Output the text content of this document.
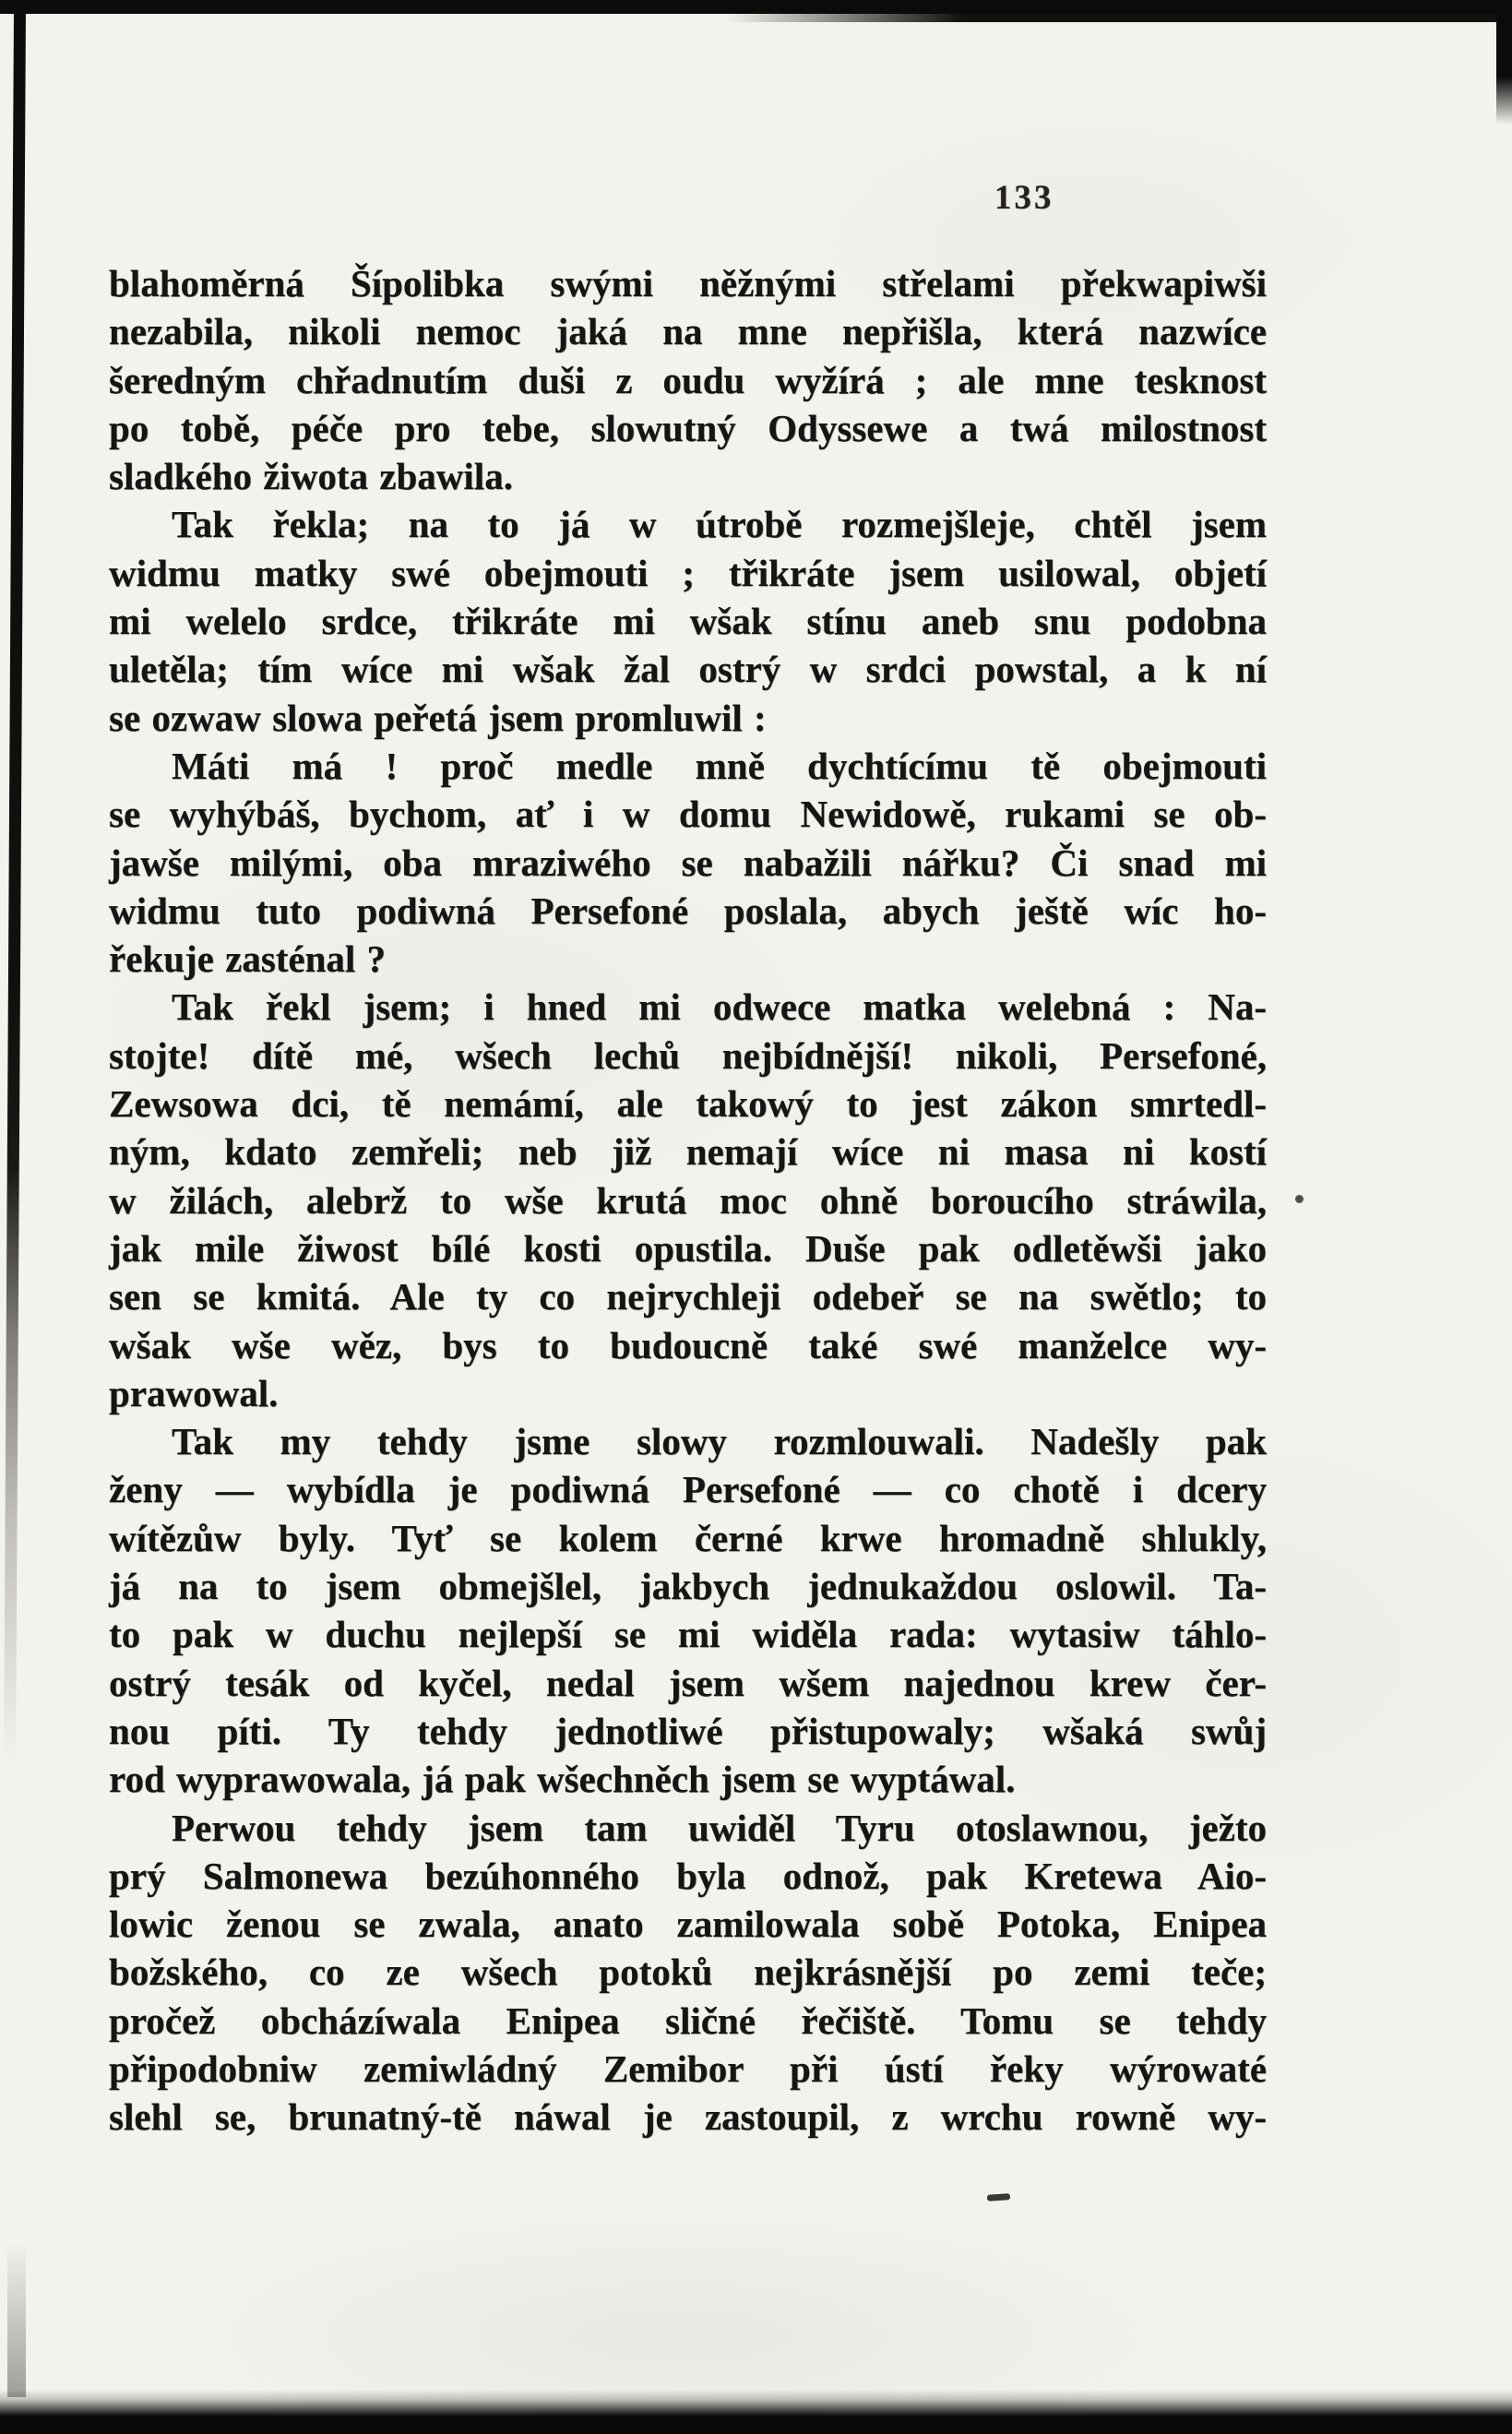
133
blahoměrná Šípolibka swými něžnými střelami překwapiwši
nezabila, nikoli nemoc jaká na mne nepřišla, která nazwíce
šeredným chřadnutím duši z oudu wyžírá ; ale mne tesknost
po tobě, péče pro tebe, slowutný Odyssewe a twá milostnost
sladkého žiwota zbawila.
Tak řekla; na to já w útrobě rozmejšleje, chtěl jsem
widmu matky swé obejmouti ; třikráte jsem usilowal, objetí
mi welelo srdce, třikráte mi wšak stínu aneb snu podobna
uletěla; tím wíce mi wšak žal ostrý w srdci powstal, a k ní
se ozwaw slowa peřetá jsem promluwil :
Máti má ! proč medle mně dychtícímu tě obejmouti
se wyhýbáš, bychom, ať i w domu Newidowě, rukami se ob-
jawše milými, oba mraziwého se nabažili nářku? Či snad mi
widmu tuto podiwná Persefoné poslala, abych ještě wíc ho-
řekuje zasténal ?
Tak řekl jsem; i hned mi odwece matka welebná : Na-
stojte! dítě mé, wšech lechů nejbídnější! nikoli, Persefoné,
Zewsowa dci, tě nemámí, ale takowý to jest zákon smrtedl-
ným, kdato zemřeli; neb již nemají wíce ni masa ni kostí
w žilách, alebrž to wše krutá moc ohně boroucího stráwila,
jak mile žiwost bílé kosti opustila. Duše pak odletěwši jako
sen se kmitá. Ale ty co nejrychleji odebeř se na swětlo; to
wšak wše wěz, bys to budoucně také swé manželce wy-
prawowal.
Tak my tehdy jsme slowy rozmlouwali. Nadešly pak
ženy — wybídla je podiwná Persefoné — co chotě i dcery
wítězůw byly. Tyť se kolem černé krwe hromadně shlukly,
já na to jsem obmejšlel, jakbych jednukaždou oslowil. Ta-
to pak w duchu nejlepší se mi widěla rada: wytasiw táhlo-
ostrý tesák od kyčel, nedal jsem wšem najednou krew čer-
nou píti. Ty tehdy jednotliwé přistupowaly; wšaká swůj
rod wyprawowala, já pak wšechněch jsem se wyptáwal.
Perwou tehdy jsem tam uwiděl Tyru otoslawnou, ježto
prý Salmonewa bezúhonného byla odnož, pak Kretewa Aio-
lowic ženou se zwala, anato zamilowala sobě Potoka, Enipea
božského, co ze wšech potoků nejkrásnější po zemi teče;
pročež obcházíwala Enipea sličné řečiště. Tomu se tehdy
připodobniw zemiwládný Zemibor při ústí řeky wýrowaté
slehl se, brunatný-tě náwal je zastoupil, z wrchu rowně wy-
